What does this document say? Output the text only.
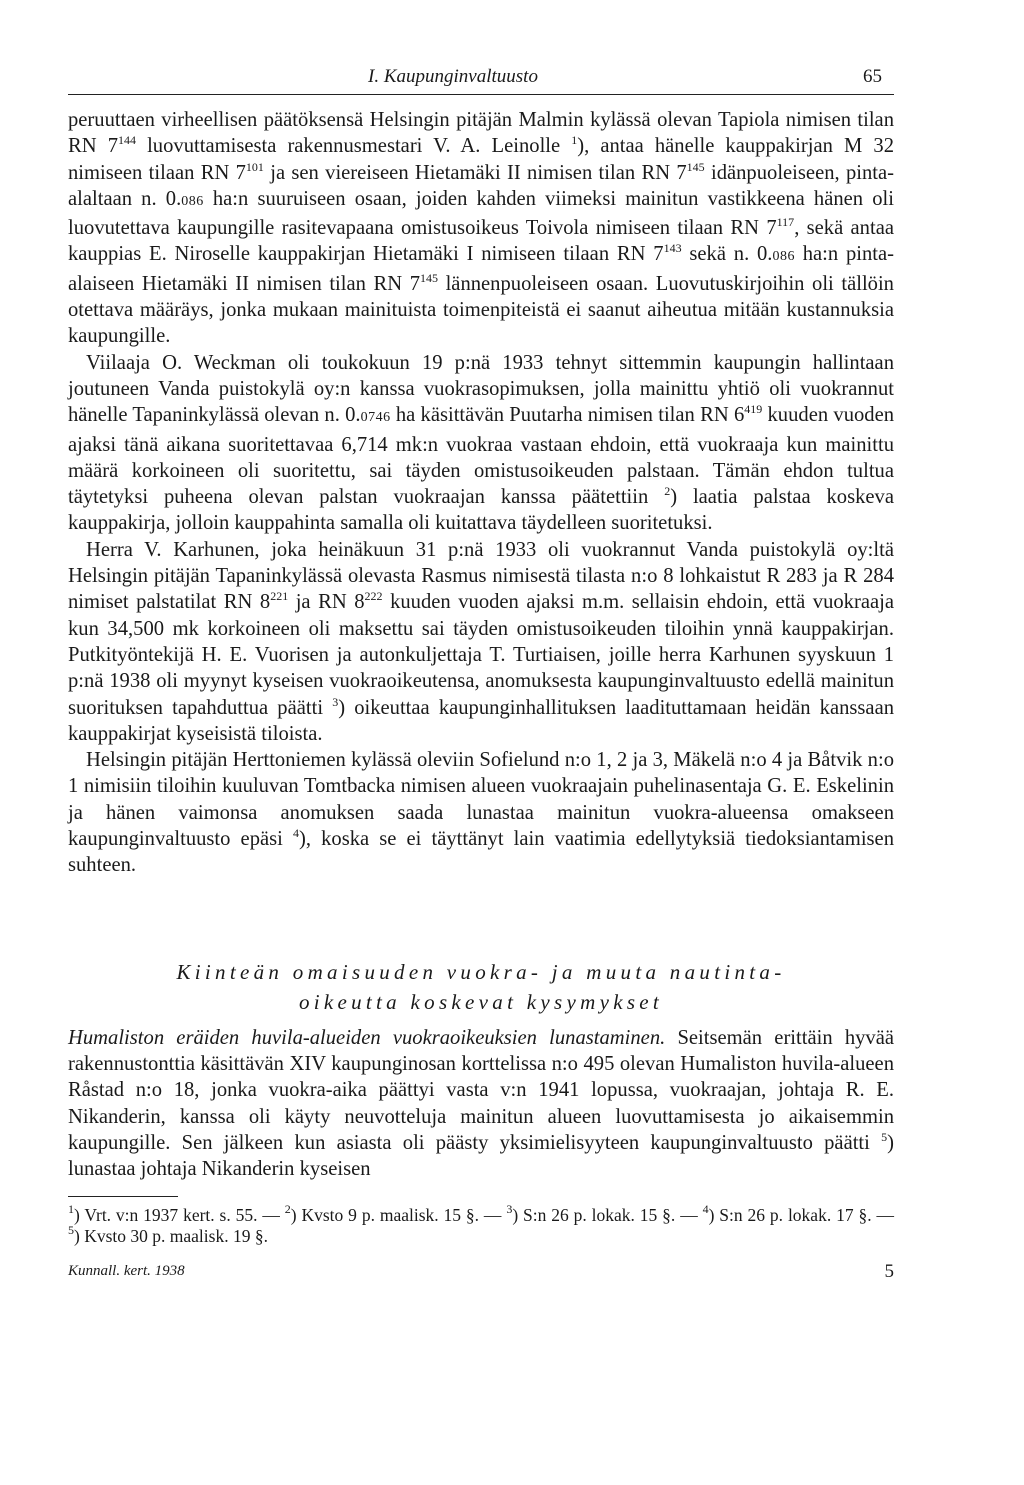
I. Kaupunginvaltuusto	65

peruuttaen virheellisen päätöksensä Helsingin pitäjän Malmin kylässä olevan Tapiola nimisen tilan RN $7^{144}$ luovuttamisesta rakennusmestari V. A. Leinolle $^1$), antaa hänelle kauppakirjan M 32 nimiseen tilaan RN $7^{101}$ ja sen viereiseen Hietamäki II nimisen tilan RN $7^{145}$ idänpuoleiseen, pinta-alaltaan n. 0.086 ha:n suuruiseen osaan, joiden kahden viimeksi mainitun vastikkeena hänen oli luovutettava kaupungille rasitevapaana omistusoikeus Toivola nimiseen tilaan RN $7^{117}$, sekä antaa kauppias E. Niroselle kauppakirjan Hietamäki I nimiseen tilaan RN $7^{143}$ sekä n. 0.086 ha:n pinta-alaiseen Hietamäki II nimisen tilan RN $7^{145}$ lännenpuoleiseen osaan. Luovutuskirjoihin oli tällöin otettava määräys, jonka mukaan mainituista toimenpiteistä ei saanut aiheutua mitään kustannuksia kaupungille.

Viilaaja O. Weckman oli toukokuun 19 p:nä 1933 tehnyt sittemmin kaupungin hallintaan joutuneen Vanda puistokylä oy:n kanssa vuokrasopimuksen, jolla mainittu yhtiö oli vuokrannut hänelle Tapaninkylässä olevan n. 0.0746 ha käsittävän Puutarha nimisen tilan RN $6^{419}$ kuuden vuoden ajaksi tänä aikana suoritettavaa 6,714 mk:n vuokraa vastaan ehdoin, että vuokraaja kun mainittu määrä korkoineen oli suoritettu, sai täyden omistusoikeuden palstaan. Tämän ehdon tultua täytetyksi puheena olevan palstan vuokraajan kanssa päätettiin $^2$) laatia palstaa koskeva kauppakirja, jolloin kauppahinta samalla oli kuitattava täydelleen suoritetuksi.

Herra V. Karhunen, joka heinäkuun 31 p:nä 1933 oli vuokrannut Vanda puistokylä oy:ltä Helsingin pitäjän Tapaninkylässä olevasta Rasmus nimisestä tilasta n:o 8 lohkaistut R 283 ja R 284 nimiset palstatilat RN $8^{221}$ ja RN $8^{222}$ kuuden vuoden ajaksi m.m. sellaisin ehdoin, että vuokraaja kun 34,500 mk korkoineen oli maksettu sai täyden omistusoikeuden tiloihin ynnä kauppakirjan. Putkityöntekijä H. E. Vuorisen ja autonkuljettaja T. Turtiaisen, joille herra Karhunen syyskuun 1 p:nä 1938 oli myynyt kyseisen vuokraoikeutensa, anomuksesta kaupunginvaltuusto edellä mainitun suorituksen tapahduttua päätti $^3$) oikeuttaa kaupunginhallituksen laadituttamaan heidän kanssaan kauppakirjat kyseisistä tiloista.

Helsingin pitäjän Herttoniemen kylässä oleviin Sofielund n:o 1, 2 ja 3, Mäkelä n:o 4 ja Båtvik n:o 1 nimisiin tiloihin kuuluvan Tomtbacka nimisen alueen vuokraajain puhelinasentaja G. E. Eskelinin ja hänen vaimonsa anomuksen saada lunastaa mainitun vuokra-alueensa omakseen kaupunginvaltuusto epäsi $^4$), koska se ei täyttänyt lain vaatimia edellytyksiä tiedoksiantamisen suhteen.

Kiinteän omaisuuden vuokra- ja muuta nautinta-
oikeutta koskevat kysymykset

Humaliston eräiden huvila-alueiden vuokraoikeuksien lunastaminen. Seitsemän erittäin hyvää rakennustonttia käsittävän XIV kaupunginosan korttelissa n:o 495 olevan Humaliston huvila-alueen Råstad n:o 18, jonka vuokra-aika päättyi vasta v:n 1941 lopussa, vuokraajan, johtaja R. E. Nikanderin, kanssa oli käyty neuvotteluja mainitun alueen luovuttamisesta jo aikaisemmin kaupungille. Sen jälkeen kun asiasta oli päästy yksimielisyyteen kaupunginvaltuusto päätti $^5$) lunastaa johtaja Nikanderin kyseisen

$^1$) Vrt. v:n 1937 kert. s. 55. — $^2$) Kvsto 9 p. maalisk. 15 §. — $^3$) S:n 26 p. lokak. 15 §. — $^4$) S:n 26 p. lokak. 17 §. — $^5$) Kvsto 30 p. maalisk. 19 §.
Kunnall. kert. 1938	5
